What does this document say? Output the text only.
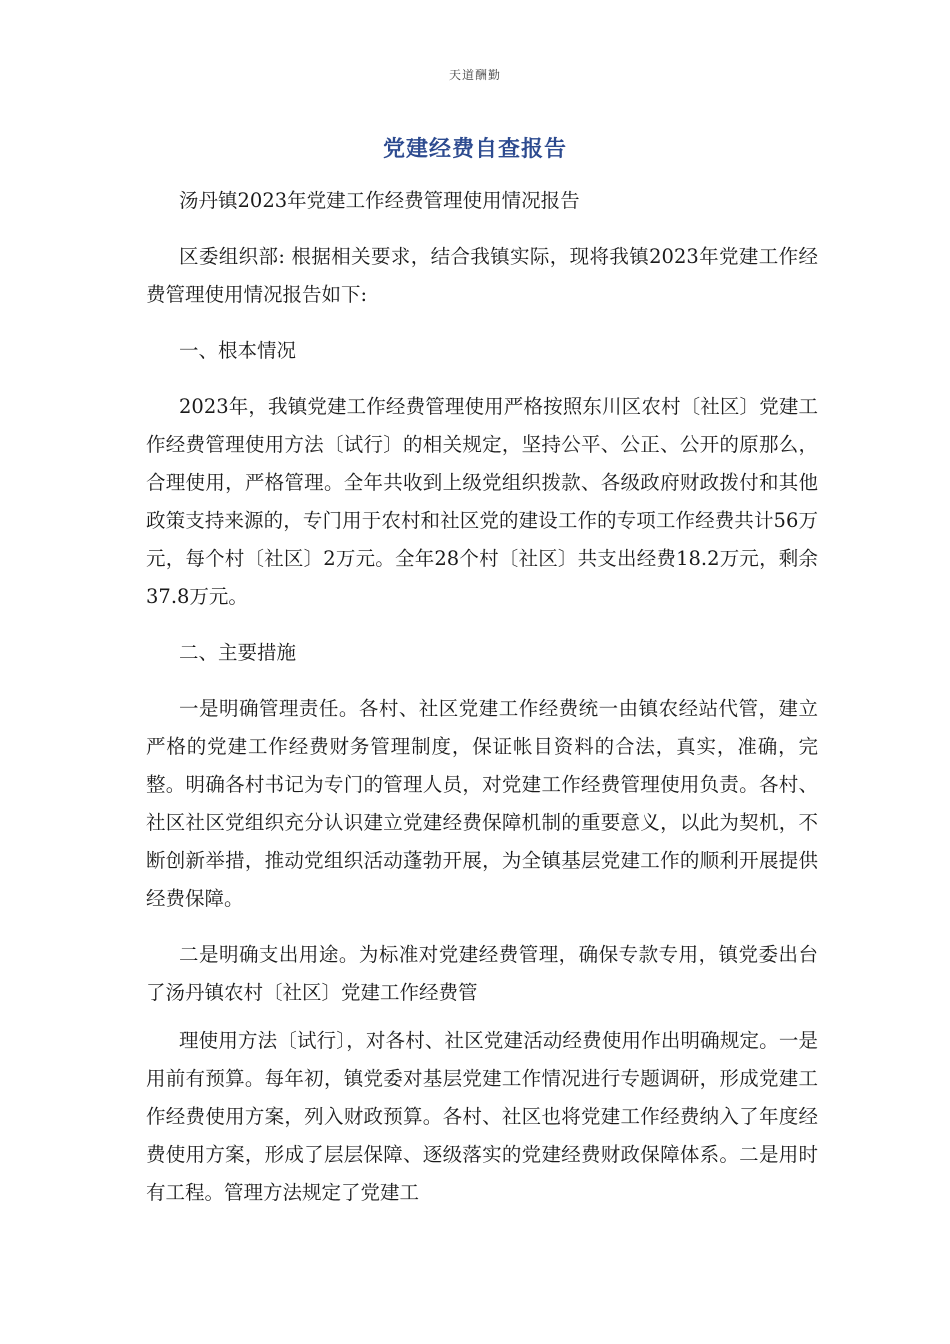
天道酬勤
党建经费自查报告

汤丹镇2023年党建工作经费管理使用情况报告

区委组织部: 根据相关要求，结合我镇实际，现将我镇2023年党建工作经费管理使用情况报告如下:

一、根本情况

2023年，我镇党建工作经费管理使用严格按照东川区农村〔社区〕党建工作经费管理使用方法〔试行〕的相关规定，坚持公平、公正、公开的原那么，合理使用，严格管理。全年共收到上级党组织拨款、各级政府财政拨付和其他政策支持来源的，专门用于农村和社区党的建设工作的专项工作经费共计56万元，每个村〔社区〕2万元。全年28个村〔社区〕共支出经费18.2万元，剩余37.8万元。

二、主要措施

一是明确管理责任。各村、社区党建工作经费统一由镇农经站代管，建立严格的党建工作经费财务管理制度，保证帐目资料的合法，真实，准确，完整。明确各村书记为专门的管理人员，对党建工作经费管理使用负责。各村、社区社区党组织充分认识建立党建经费保障机制的重要意义，以此为契机，不断创新举措，推动党组织活动蓬勃开展，为全镇基层党建工作的顺利开展提供经费保障。

二是明确支出用途。为标准对党建经费管理，确保专款专用，镇党委出台了汤丹镇农村〔社区〕党建工作经费管

理使用方法〔试行〕，对各村、社区党建活动经费使用作出明确规定。一是用前有预算。每年初，镇党委对基层党建工作情况进行专题调研，形成党建工作经费使用方案，列入财政预算。各村、社区也将党建工作经费纳入了年度经费使用方案，形成了层层保障、逐级落实的党建经费财政保障体系。二是用时有工程。管理方法规定了党建工
